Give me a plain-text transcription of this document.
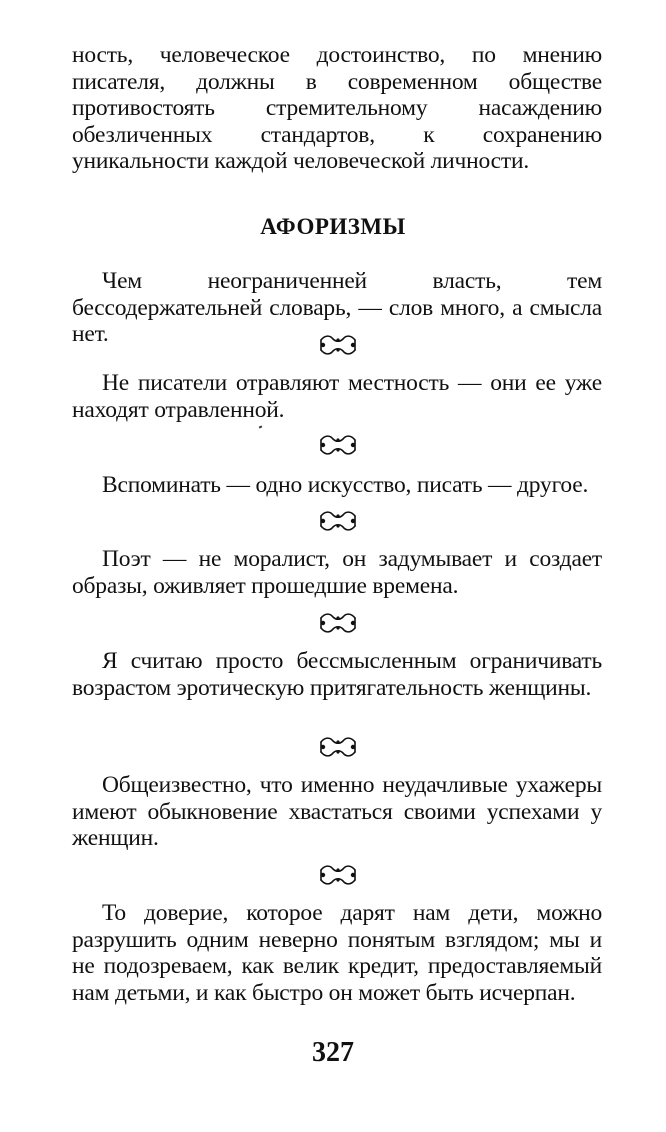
ность, человеческое достоинство, по мнению писателя, должны в современном обществе противостоять стремительному насаждению обезличенных стандартов, к сохранению уникальности каждой человеческой личности.

АФОРИЗМЫ

Чем неограниченней власть, тем бессодержательней словарь, — слов много, а смысла нет.

Не писатели отравляют местность — они ее уже находят отравленной.

Вспоминать — одно искусство, писать — другое.

Поэт — не моралист, он задумывает и создает образы, оживляет прошедшие времена.

Я считаю просто бессмысленным ограничивать возрастом эротическую притягательность женщины.

Общеизвестно, что именно неудачливые ухажеры имеют обыкновение хвастаться своими успехами у женщин.

То доверие, которое дарят нам дети, можно разрушить одним неверно понятым взглядом; мы и не подозреваем, как велик кредит, предоставляемый нам детьми, и как быстро он может быть исчерпан.

327
